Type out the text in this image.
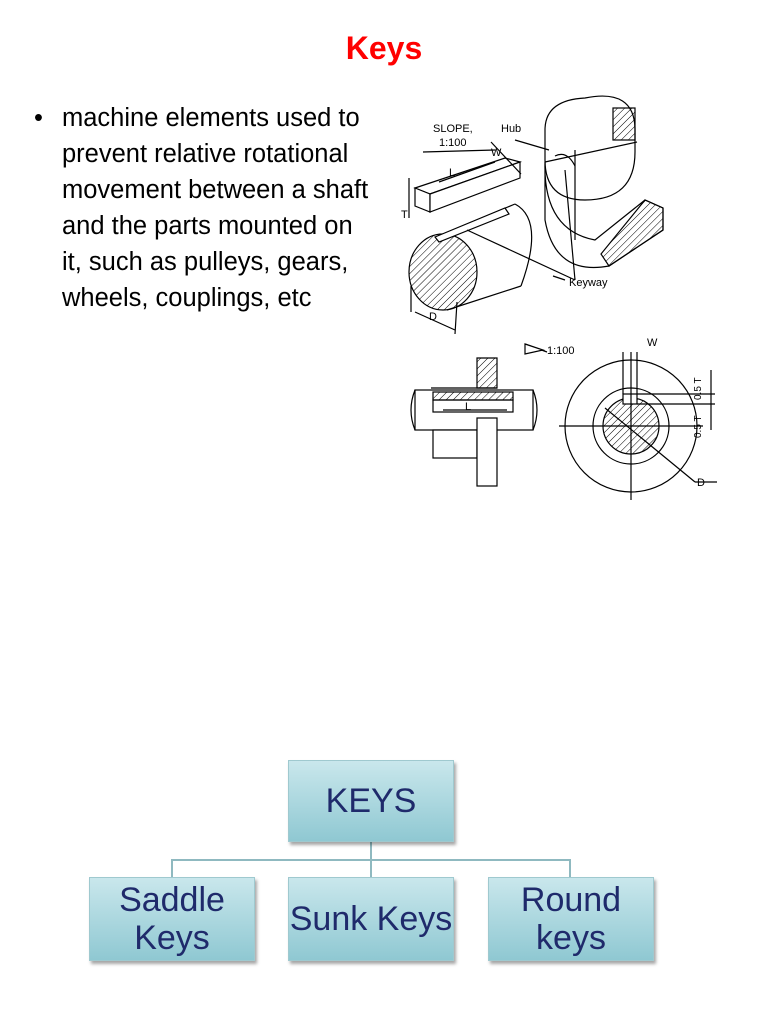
Keys
• machine elements used to prevent relative rotational movement between a shaft and the parts mounted on it, such as pulleys, gears, wheels, couplings, etc
SLOPE,
1:100
Hub
Keyway
W
L
T
D
1:100
W
L
0.5 T
0.5 T
D
KEYS
Saddle Keys	Sunk Keys	Round keys
